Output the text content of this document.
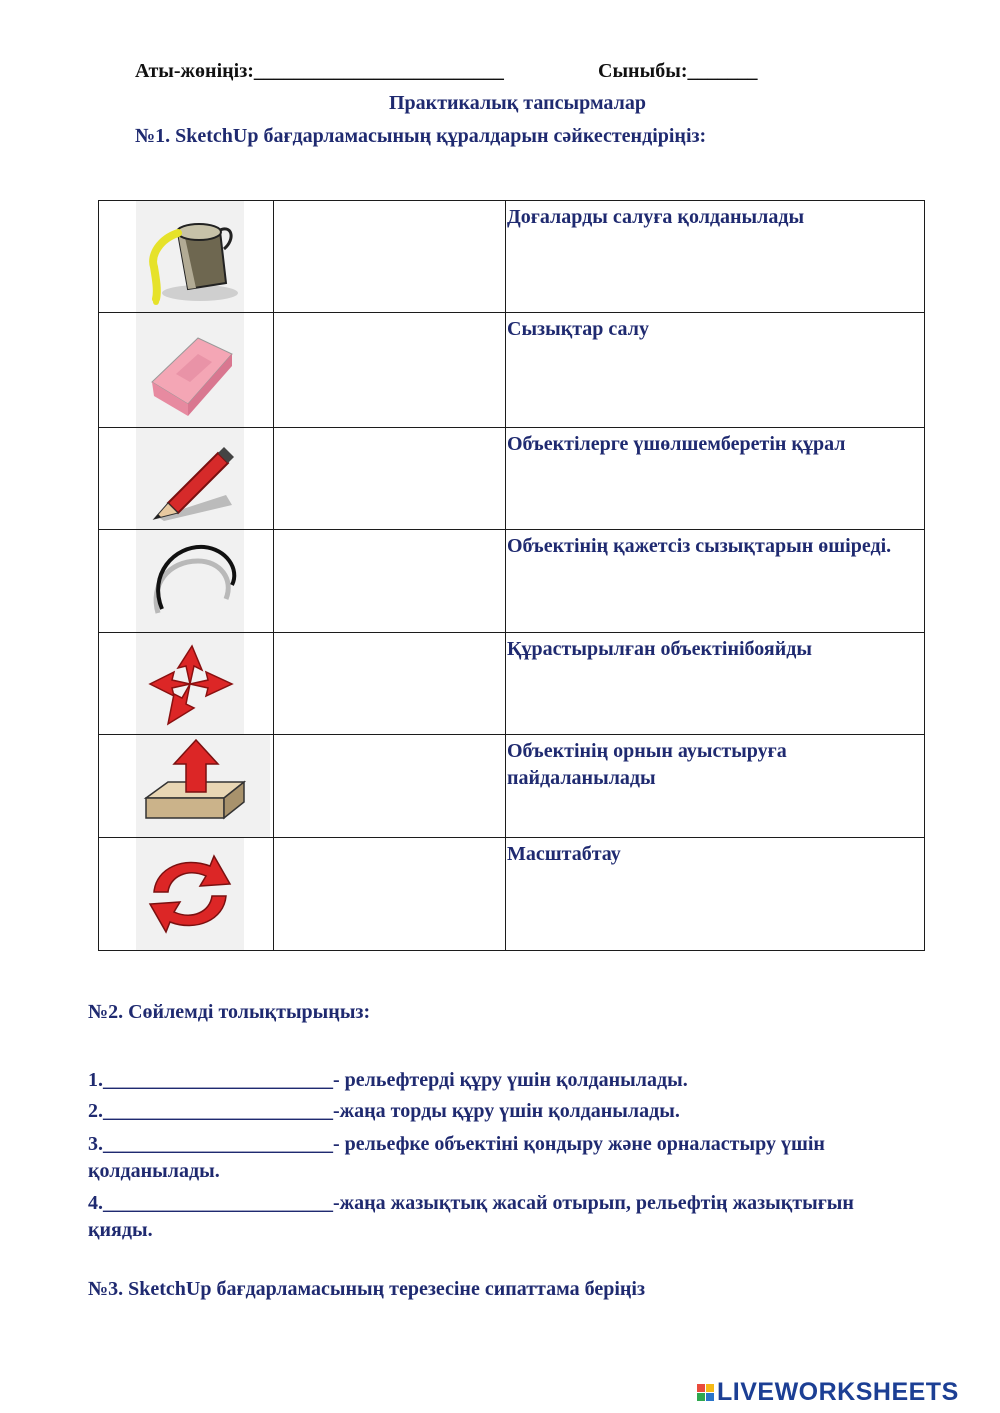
Аты-жөніңіз:_________________________	Сыныбы:_______
Практикалық тапсырмалар
№1. SketchUp бағдарламасының құралдарын сәйкестендіріңіз:
		Доғаларды салуға қолданылады

		Сызықтар салу

		Объектілерге үшөлшемберетін құрал

		Объектінің қажетсіз сызықтарын өшіреді.

		Құрастырылған объектінібояйды

		Объектінің орнын ауыстыруға пайдаланылады

		Масштабтау
№2. Сөйлемді толықтырыңыз:
1._______________________- рельефтерді құру үшін қолданылады.
2._______________________-жаңа торды құру үшін қолданылады.
3._______________________- рельефке объектіні қондыру және орналастыру үшін қолданылады.
4._______________________-жаңа жазықтық жасай отырып, рельефтің жазықтығын қияды.
№3. SketchUp бағдарламасының терезесіне сипаттама беріңіз
LIVEWORKSHEETS
